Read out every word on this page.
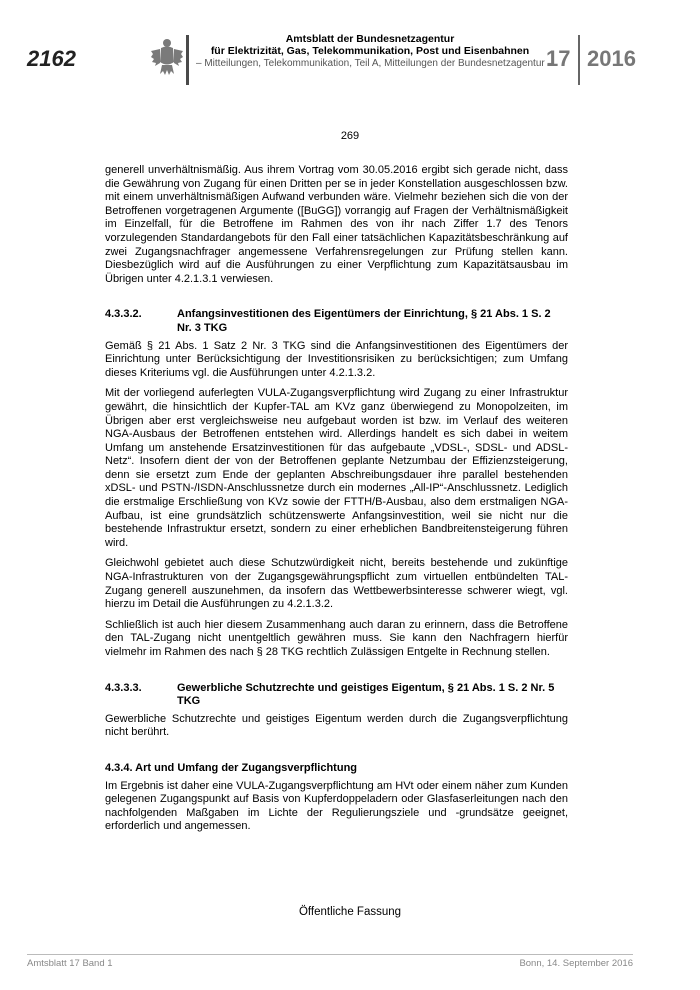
2162
Amtsblatt der Bundesnetzagentur
für Elektrizität, Gas, Telekommunikation, Post und Eisenbahnen
– Mitteilungen, Telekommunikation, Teil A, Mitteilungen der Bundesnetzagentur –
17 2016
269

generell unverhältnismäßig. Aus ihrem Vortrag vom 30.05.2016 ergibt sich gerade nicht, dass die Gewährung von Zugang für einen Dritten per se in jeder Konstellation ausgeschlossen bzw. mit einem unverhältnismäßigen Aufwand verbunden wäre. Vielmehr beziehen sich die von der Betroffenen vorgetragenen Argumente ([BuGG]) vorrangig auf Fragen der Verhältnismäßigkeit im Einzelfall, für die Betroffene im Rahmen des von ihr nach Ziffer 1.7 des Tenors vorzulegenden Standardangebots für den Fall einer tatsächlichen Kapazitätsbeschränkung auf zwei Zugangsnachfrager angemessene Verfahrensregelungen zur Prüfung stellen kann. Diesbezüglich wird auf die Ausführungen zu einer Verpflichtung zum Kapazitätsausbau im Übrigen unter 4.2.1.3.1 verwiesen.

4.3.3.2.	Anfangsinvestitionen des Eigentümers der Einrichtung, § 21 Abs. 1 S. 2 Nr. 3 TKG

Gemäß § 21 Abs. 1 Satz 2 Nr. 3 TKG sind die Anfangsinvestitionen des Eigentümers der Einrichtung unter Berücksichtigung der Investitionsrisiken zu berücksichtigen; zum Umfang dieses Kriteriums vgl. die Ausführungen unter 4.2.1.3.2.

Mit der vorliegend auferlegten VULA-Zugangsverpflichtung wird Zugang zu einer Infrastruktur gewährt, die hinsichtlich der Kupfer-TAL am KVz ganz überwiegend zu Monopolzeiten, im Übrigen aber erst vergleichsweise neu aufgebaut worden ist bzw. im Verlauf des weiteren NGA-Ausbaus der Betroffenen entstehen wird. Allerdings handelt es sich dabei in weitem Umfang um anstehende Ersatzinvestitionen für das aufgebaute „VDSL-, SDSL- und ADSL-Netz“. Insofern dient der von der Betroffenen geplante Netzumbau der Effizienzsteigerung, denn sie ersetzt zum Ende der geplanten Abschreibungsdauer ihre parallel bestehenden xDSL- und PSTN-/ISDN-Anschlussnetze durch ein modernes „All-IP“-Anschlussnetz. Lediglich die erstmalige Erschließung von KVz sowie der FTTH/B-Ausbau, also dem erstmaligen NGA-Aufbau, ist eine grundsätzlich schützenswerte Anfangsinvestition, weil sie nicht nur die bestehende Infrastruktur ersetzt, sondern zu einer erheblichen Bandbreitensteigerung führen wird.

Gleichwohl gebietet auch diese Schutzwürdigkeit nicht, bereits bestehende und zukünftige NGA-Infrastrukturen von der Zugangsgewährungspflicht zum virtuellen entbündelten TAL-Zugang generell auszunehmen, da insofern das Wettbewerbsinteresse schwerer wiegt, vgl. hierzu im Detail die Ausführungen zu 4.2.1.3.2.

Schließlich ist auch hier diesem Zusammenhang auch daran zu erinnern, dass die Betroffene den TAL-Zugang nicht unentgeltlich gewähren muss. Sie kann den Nachfragern hierfür vielmehr im Rahmen des nach § 28 TKG rechtlich Zulässigen Entgelte in Rechnung stellen.

4.3.3.3.	Gewerbliche Schutzrechte und geistiges Eigentum, § 21 Abs. 1 S. 2 Nr. 5 TKG

Gewerbliche Schutzrechte und geistiges Eigentum werden durch die Zugangsverpflichtung nicht berührt.

4.3.4. Art und Umfang der Zugangsverpflichtung

Im Ergebnis ist daher eine VULA-Zugangsverpflichtung am HVt oder einem näher zum Kunden gelegenen Zugangspunkt auf Basis von Kupferdoppeladern oder Glasfaserleitungen nach den nachfolgenden Maßgaben im Lichte der Regulierungsziele und -grundsätze geeignet, erforderlich und angemessen.

Öffentliche Fassung
Amtsblatt 17 Band 1	Bonn, 14. September 2016
